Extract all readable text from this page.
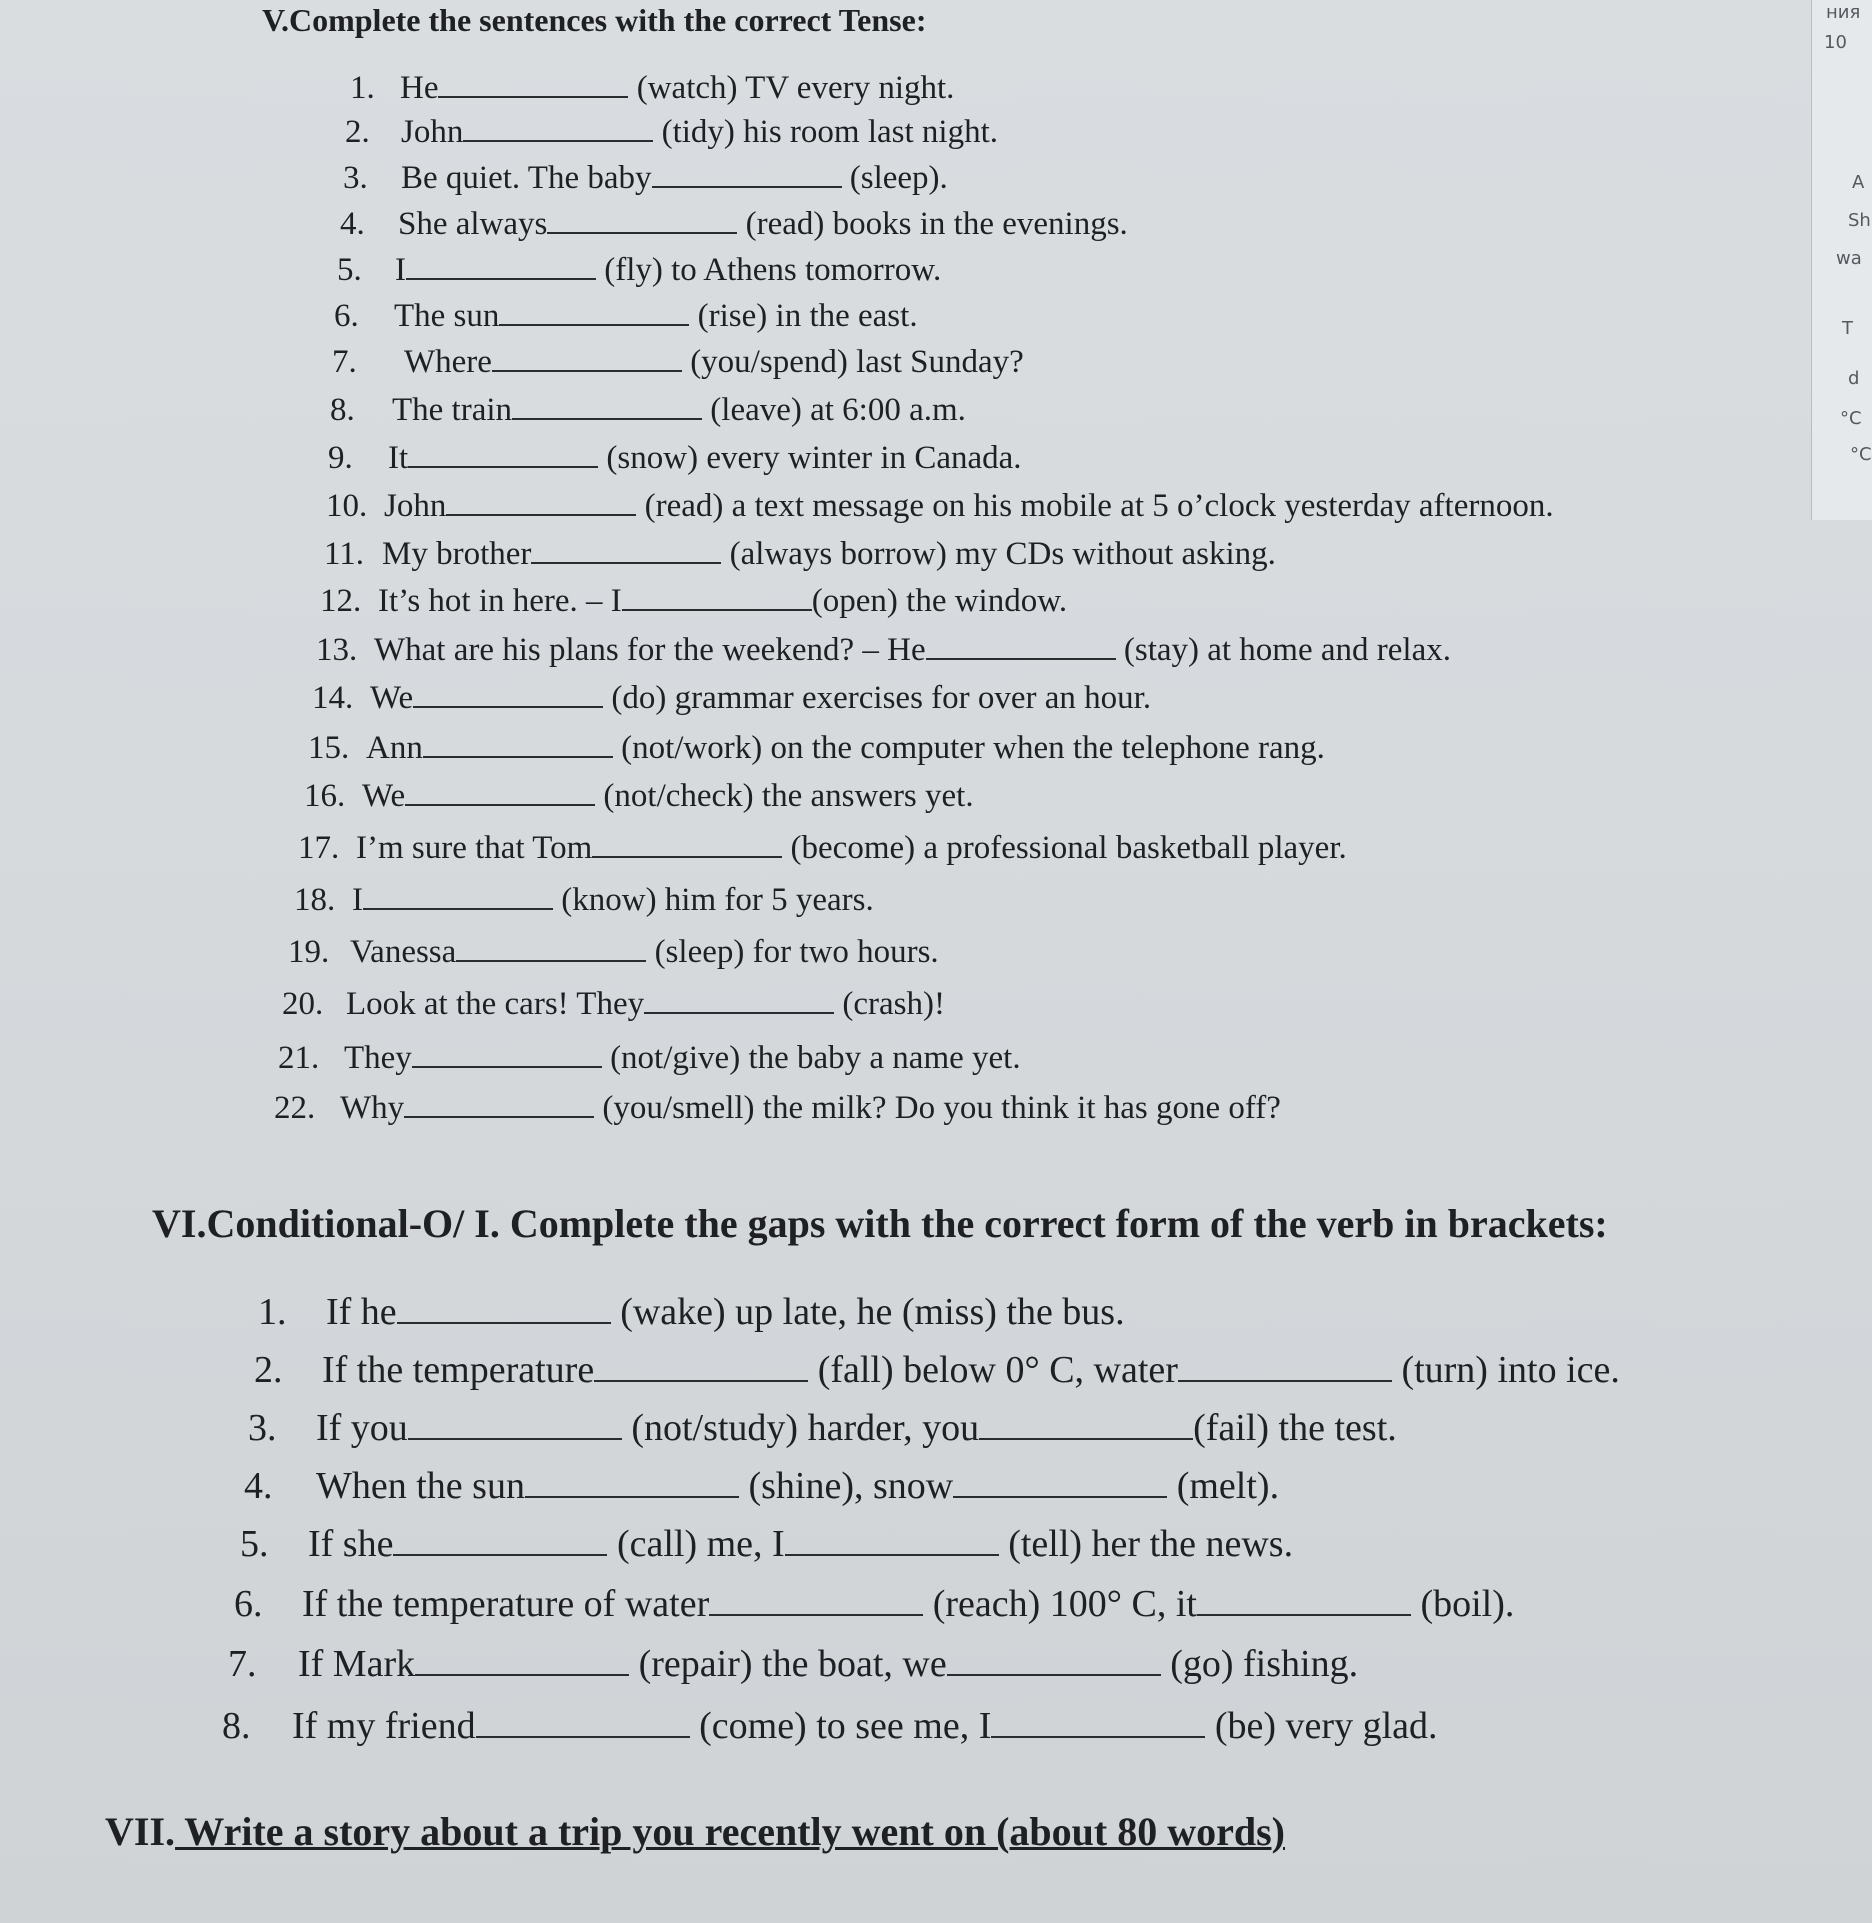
ния
10
A
Sh
wa
T
d
°C
°C
V.Complete the sentences with the correct Tense:
1. He	(watch) TV every night.
2. John	(tidy) his room last night.
3. Be quiet. The baby	(sleep).
4. She always	(read) books in the evenings.
5. I	(fly) to Athens tomorrow.
6. The sun	(rise) in the east.
7. Where	(you/spend) last Sunday?
8. The train	(leave) at 6:00 a.m.
9. It	(snow) every winter in Canada.
10. John	(read) a text message on his mobile at 5 o’clock yesterday afternoon.
11. My brother	(always borrow) my CDs without asking.
12. It’s hot in here. – I	(open) the window.
13. What are his plans for the weekend? – He	(stay) at home and relax.
14. We	(do) grammar exercises for over an hour.
15. Ann	(not/work) on the computer when the telephone rang.
16. We	(not/check) the answers yet.
17. I’m sure that Tom	(become) a professional basketball player.
18. I	(know) him for 5 years.
19. Vanessa	(sleep) for two hours.
20. Look at the cars! They	(crash)!
21. They	(not/give) the baby a name yet.
22. Why	(you/smell) the milk? Do you think it has gone off?
VI.Conditional-O/ I. Complete the gaps with the correct form of the verb in brackets:
1. If he	(wake) up late, he (miss) the bus.
2. If the temperature	(fall) below 0° C, water	(turn) into ice.
3. If you	(not/study) harder, you	(fail) the test.
4. When the sun	(shine), snow	(melt).
5. If she	(call) me, I	(tell) her the news.
6. If the temperature of water	(reach) 100° C, it	(boil).
7. If Mark	(repair) the boat, we	(go) fishing.
8. If my friend	(come) to see me, I	(be) very glad.
VII. Write a story about a trip you recently went on (about 80 words)
